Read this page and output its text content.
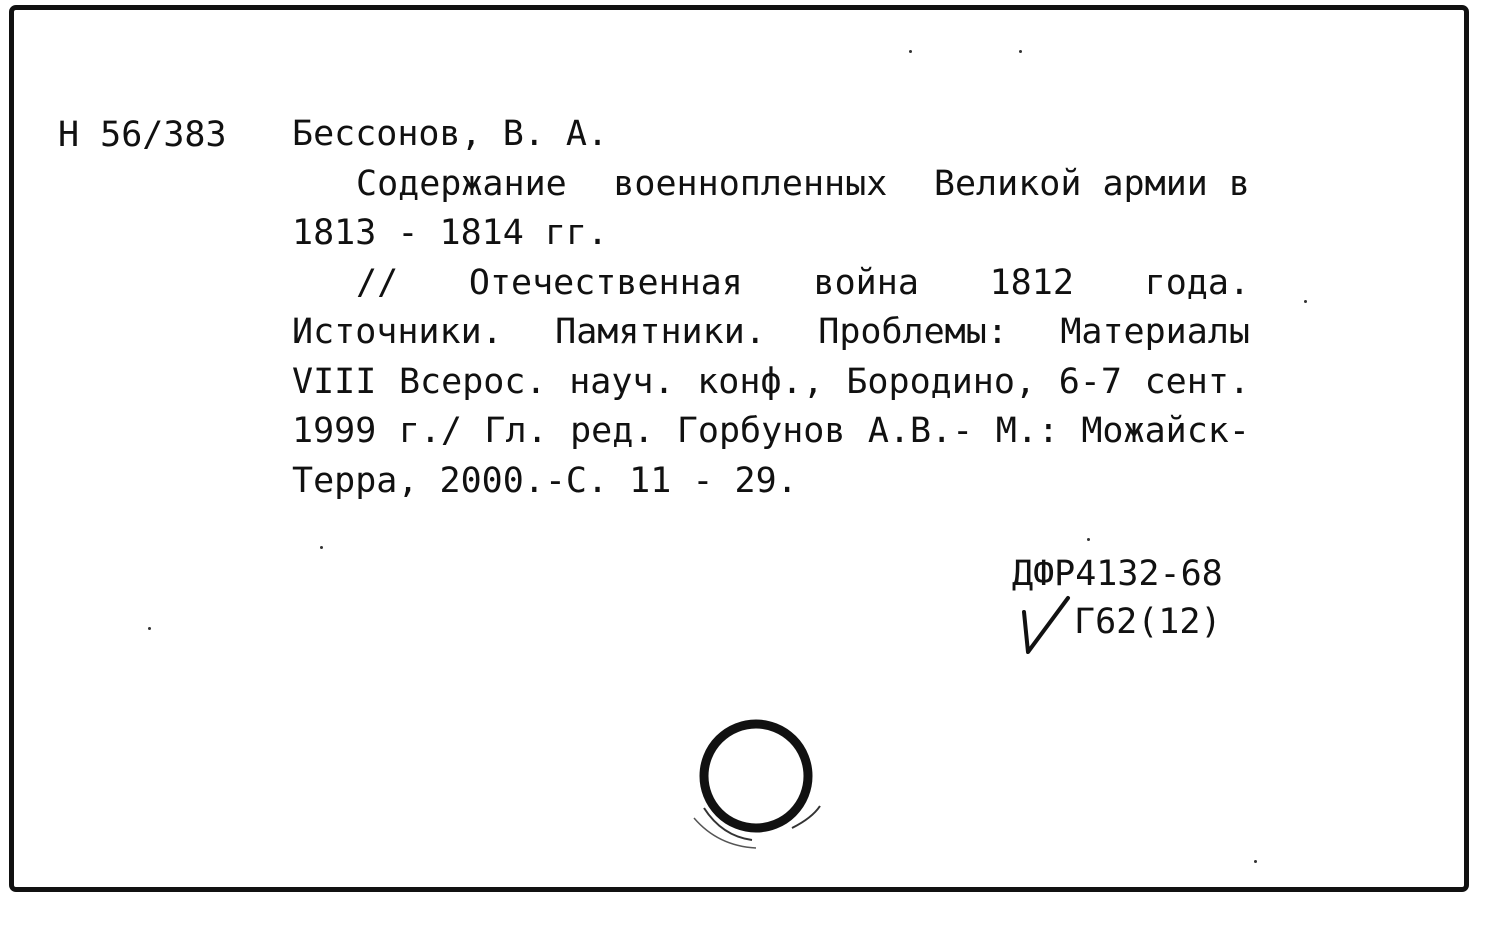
Н 56/383 Бессонов, В. А.
Содержание военнопленных Великой армии в
1813 - 1814 гг.
// Отечественная война 1812 года.
Источники. Памятники. Проблемы: Материалы
VIII Всерос. науч. конф., Бородино, 6-7 сент.
1999 г./ Гл. ред. Горбунов А.В.- М.: Можайск-
Терра, 2000.-С. 11 - 29.
ДФР4132-68
Г62(12)
